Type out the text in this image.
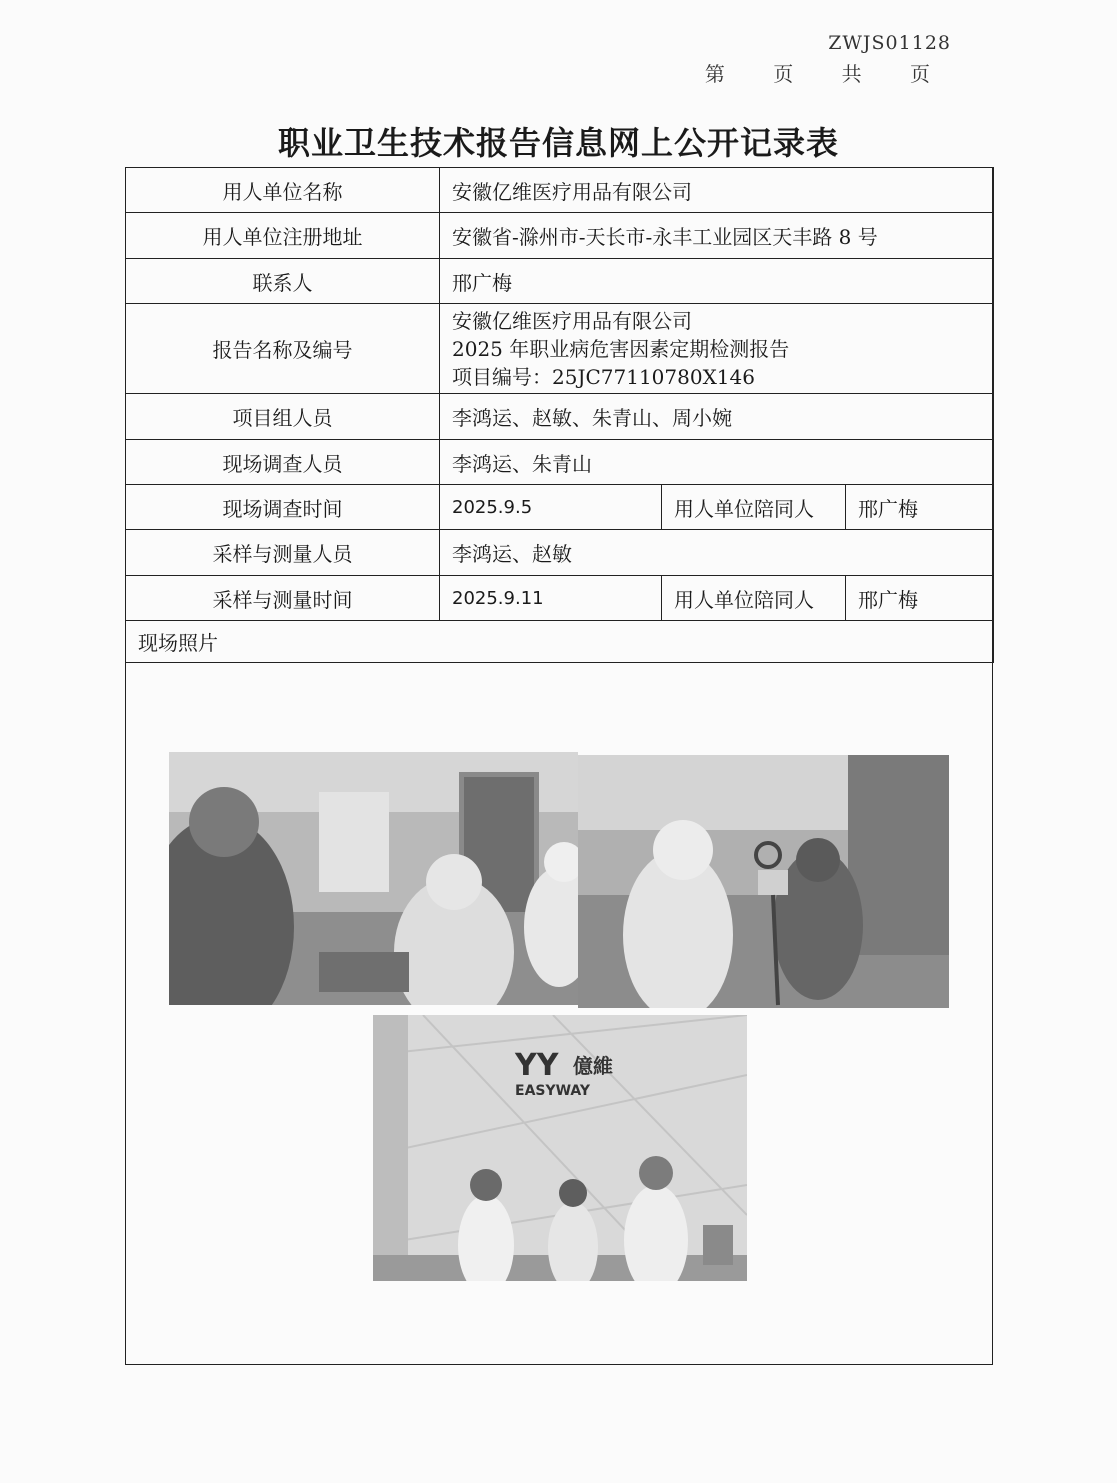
ZWJS01128
第 页 共 页
职业卫生技术报告信息网上公开记录表
用人单位名称	安徽亿维医疗用品有限公司		
用人单位注册地址	安徽省-滁州市-天长市-永丰工业园区天丰路 8 号		
联系人	邢广梅		
报告名称及编号	安徽亿维医疗用品有限公司
2025 年职业病危害因素定期检测报告
项目编号：25JC77110780X146		

项目组人员	李鸿运、赵敏、朱青山、周小婉		
现场调查人员	李鸿运、朱青山		
现场调查时间	2025.9.5	用人单位陪同人	邢广梅
采样与测量人员	李鸿运、赵敏		
采样与测量时间	2025.9.11	用人单位陪同人	邢广梅
现场照片			
YY 億維
EASYWAY
